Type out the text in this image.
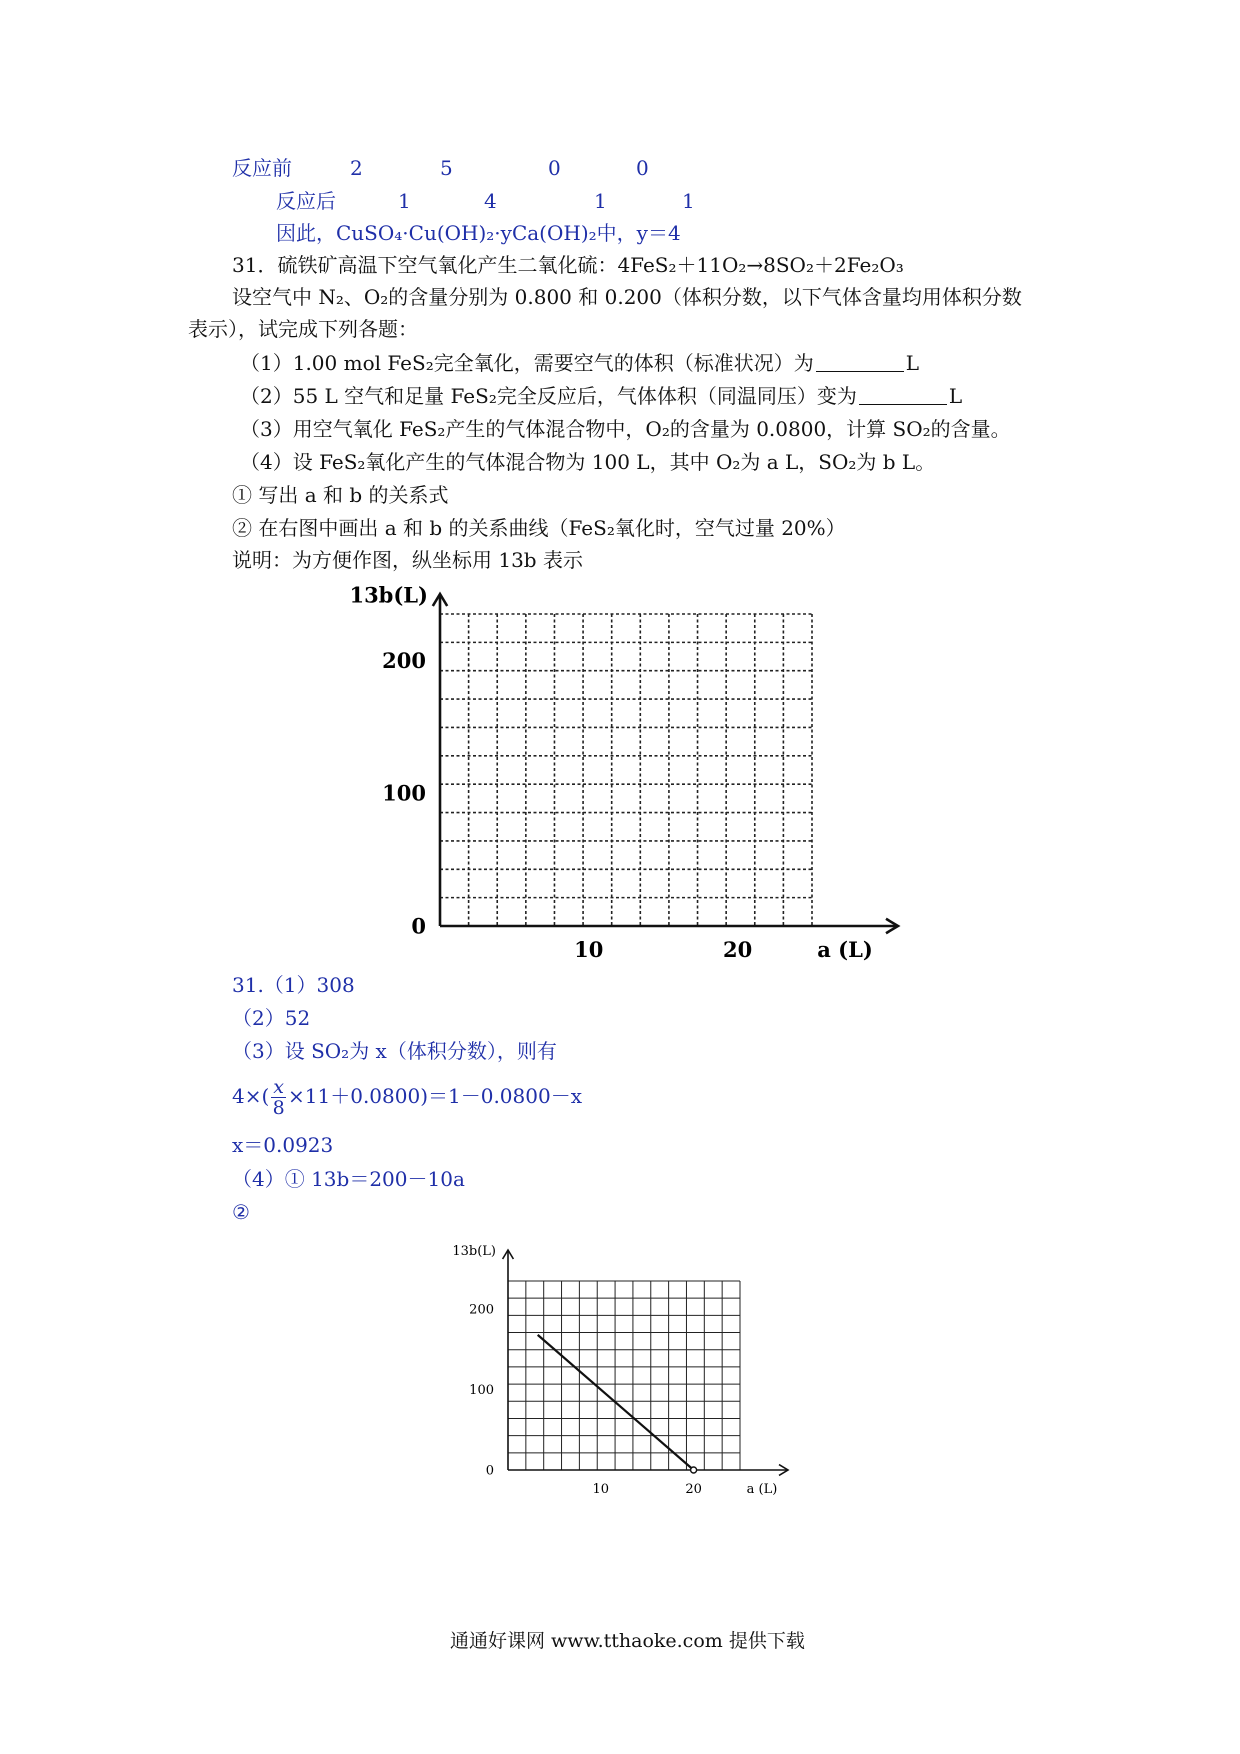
反应前	2	5	0	0
反应后	1	4	1	1
因此，CuSO₄·Cu(OH)₂·yCa(OH)₂中，y＝4
31．硫铁矿高温下空气氧化产生二氧化硫：4FeS₂＋11O₂→8SO₂＋2Fe₂O₃
设空气中 N₂、O₂的含量分别为 0.800 和 0.200（体积分数，以下气体含量均用体积分数
表示），试完成下列各题：
（1）1.00 mol FeS₂完全氧化，需要空气的体积（标准状况）为	L
（2）55 L 空气和足量 FeS₂完全反应后，气体体积（同温同压）变为	L
（3）用空气氧化 FeS₂产生的气体混合物中，O₂的含量为 0.0800，计算 SO₂的含量。
（4）设 FeS₂氧化产生的气体混合物为 100 L，其中 O₂为 a L，SO₂为 b L。
① 写出 a 和 b 的关系式
② 在右图中画出 a 和 b 的关系曲线（FeS₂氧化时，空气过量 20%）
说明：为方便作图，纵坐标用 13b 表示
0
100
200
10	20
13b(L)
a (L)
31.（1）308
（2）52
（3）设 SO₂为 x（体积分数），则有
$4\times( \frac{x}{8} \times 11+0.0800)=1-0.0800-x$
x＝0.0923
（4）① 13b＝200－10a
②
0
100
200
10	20
13b(L)
a (L)
通通好课网 www.tthaoke.com 提供下载
